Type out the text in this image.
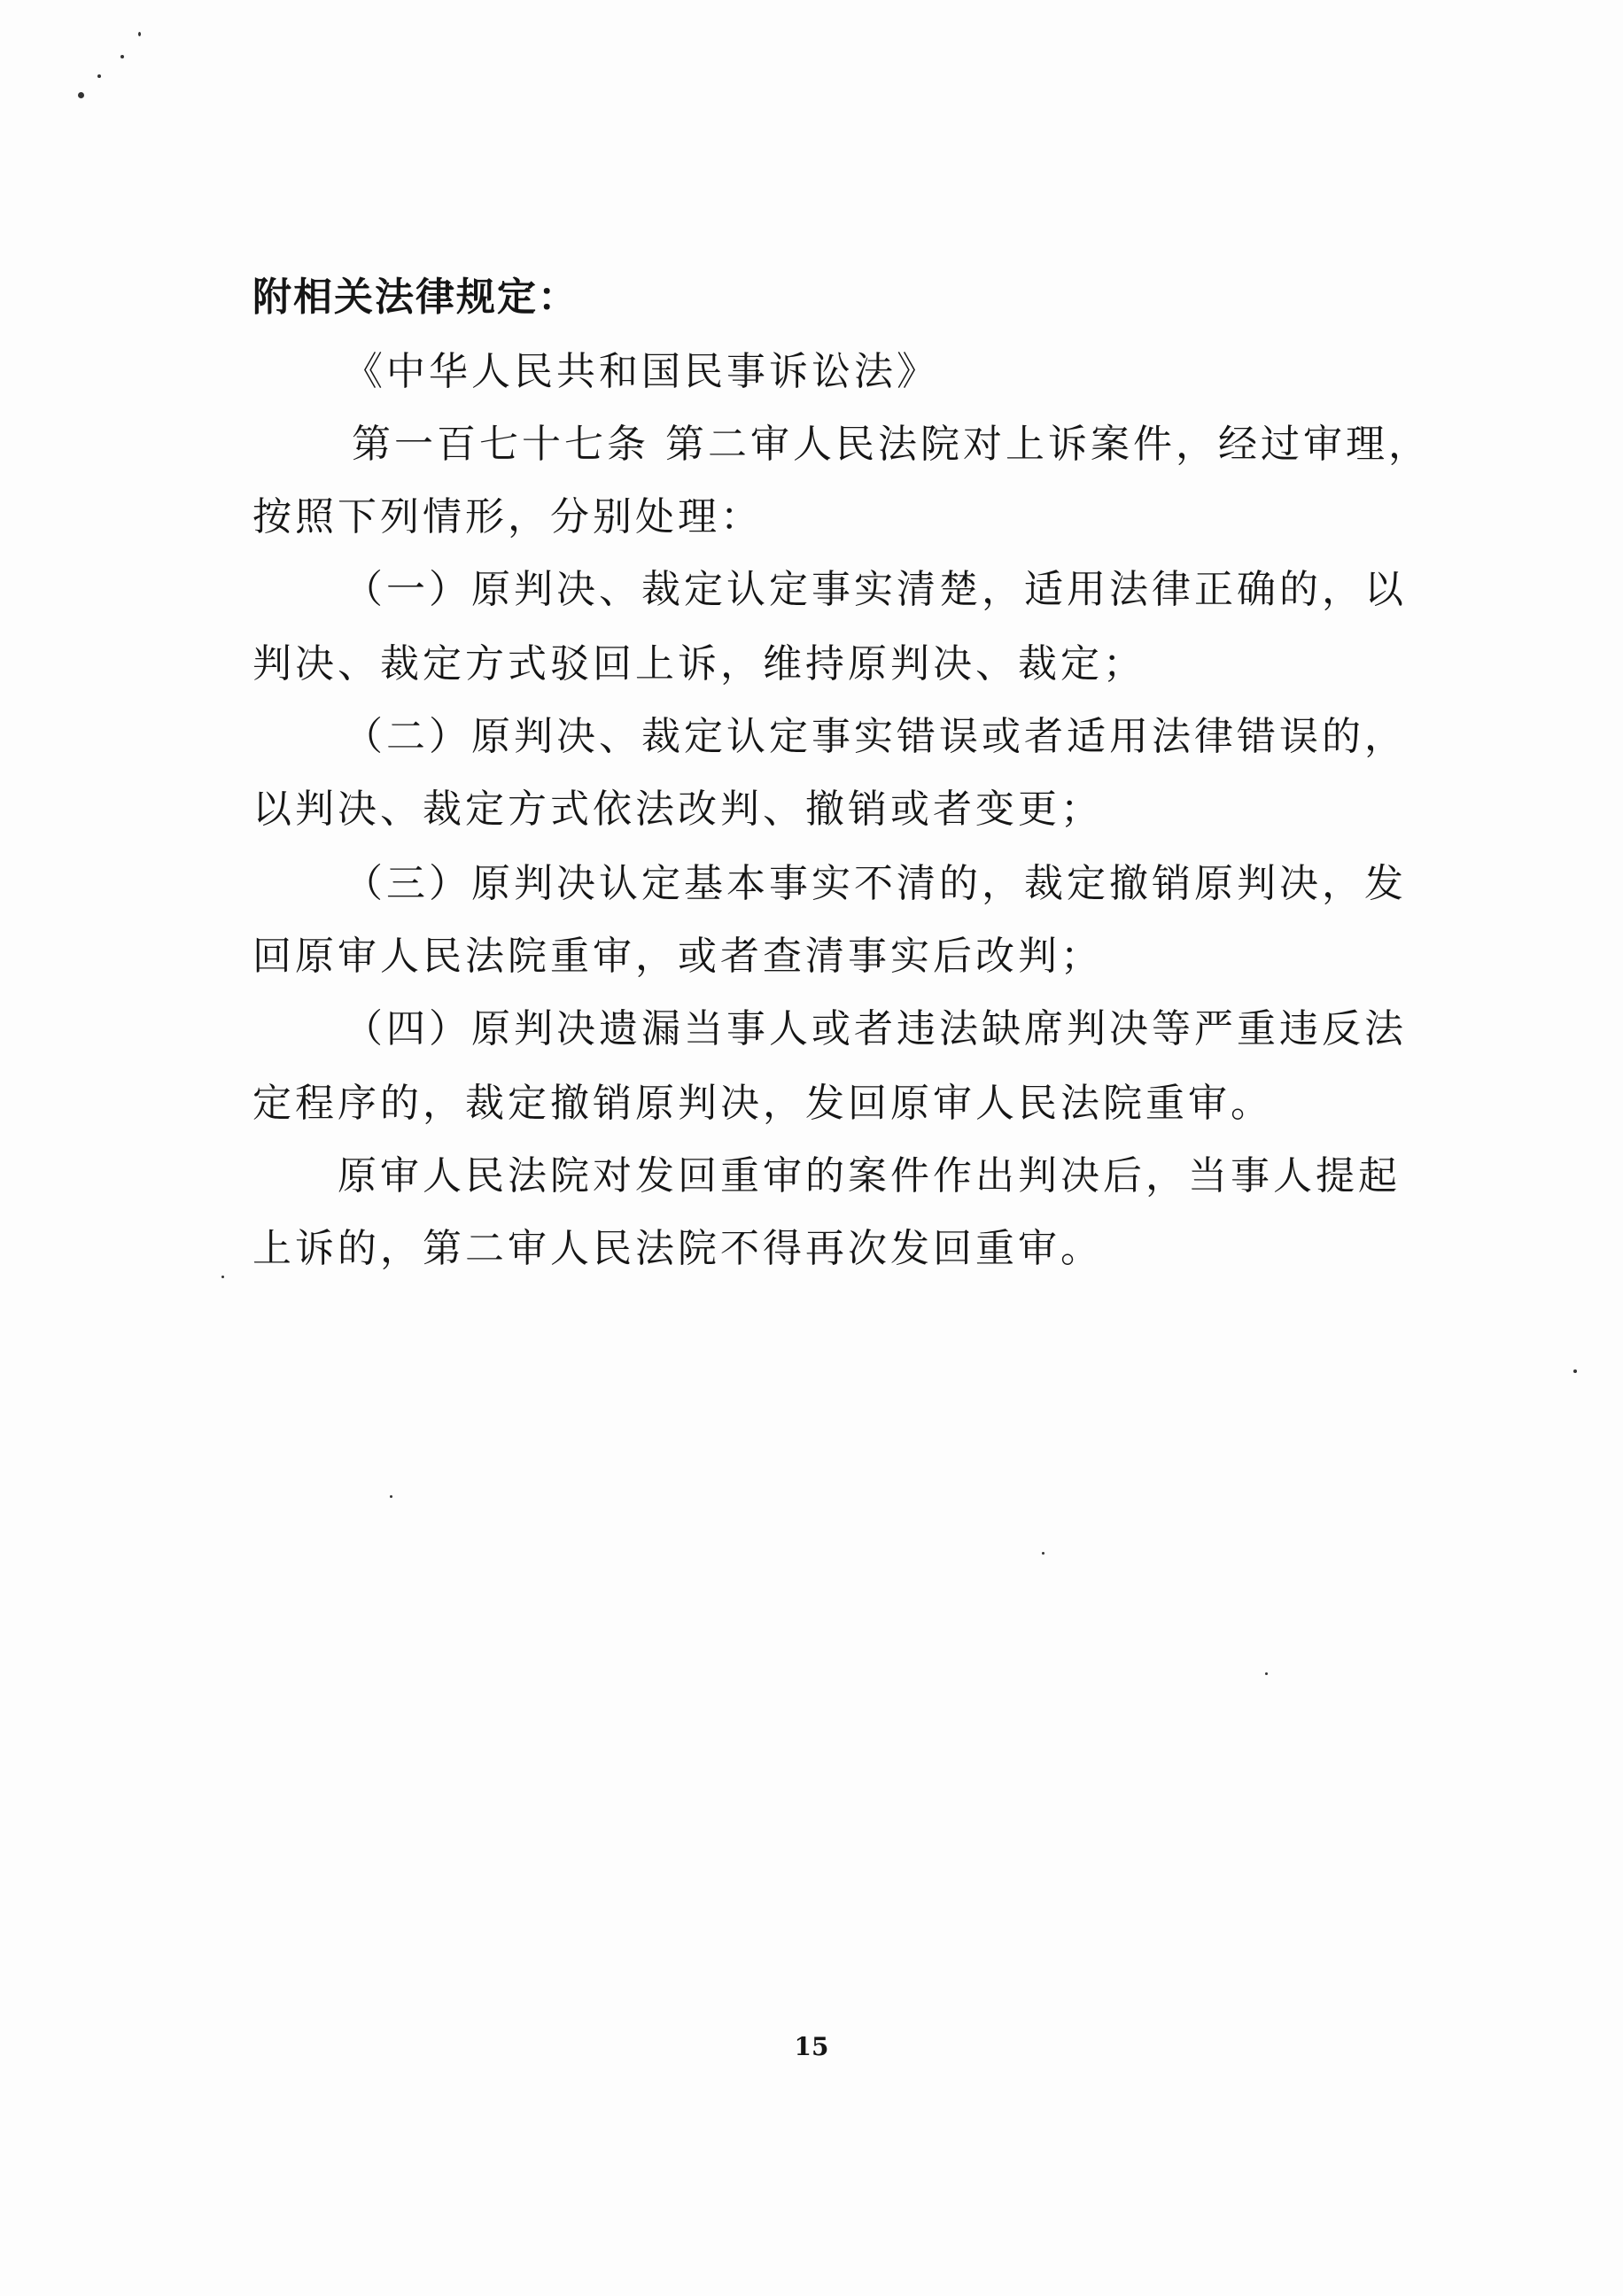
附相关法律规定：
《中华人民共和国民事诉讼法》
第一百七十七条 第二审人民法院对上诉案件，经过审理，
按照下列情形，分别处理：
（一）原判决、裁定认定事实清楚，适用法律正确的，以
判决、裁定方式驳回上诉，维持原判决、裁定；
（二）原判决、裁定认定事实错误或者适用法律错误的，
以判决、裁定方式依法改判、撤销或者变更；
（三）原判决认定基本事实不清的，裁定撤销原判决，发
回原审人民法院重审，或者查清事实后改判；
（四）原判决遗漏当事人或者违法缺席判决等严重违反法
定程序的，裁定撤销原判决，发回原审人民法院重审。
原审人民法院对发回重审的案件作出判决后，当事人提起
上诉的，第二审人民法院不得再次发回重审。
15
